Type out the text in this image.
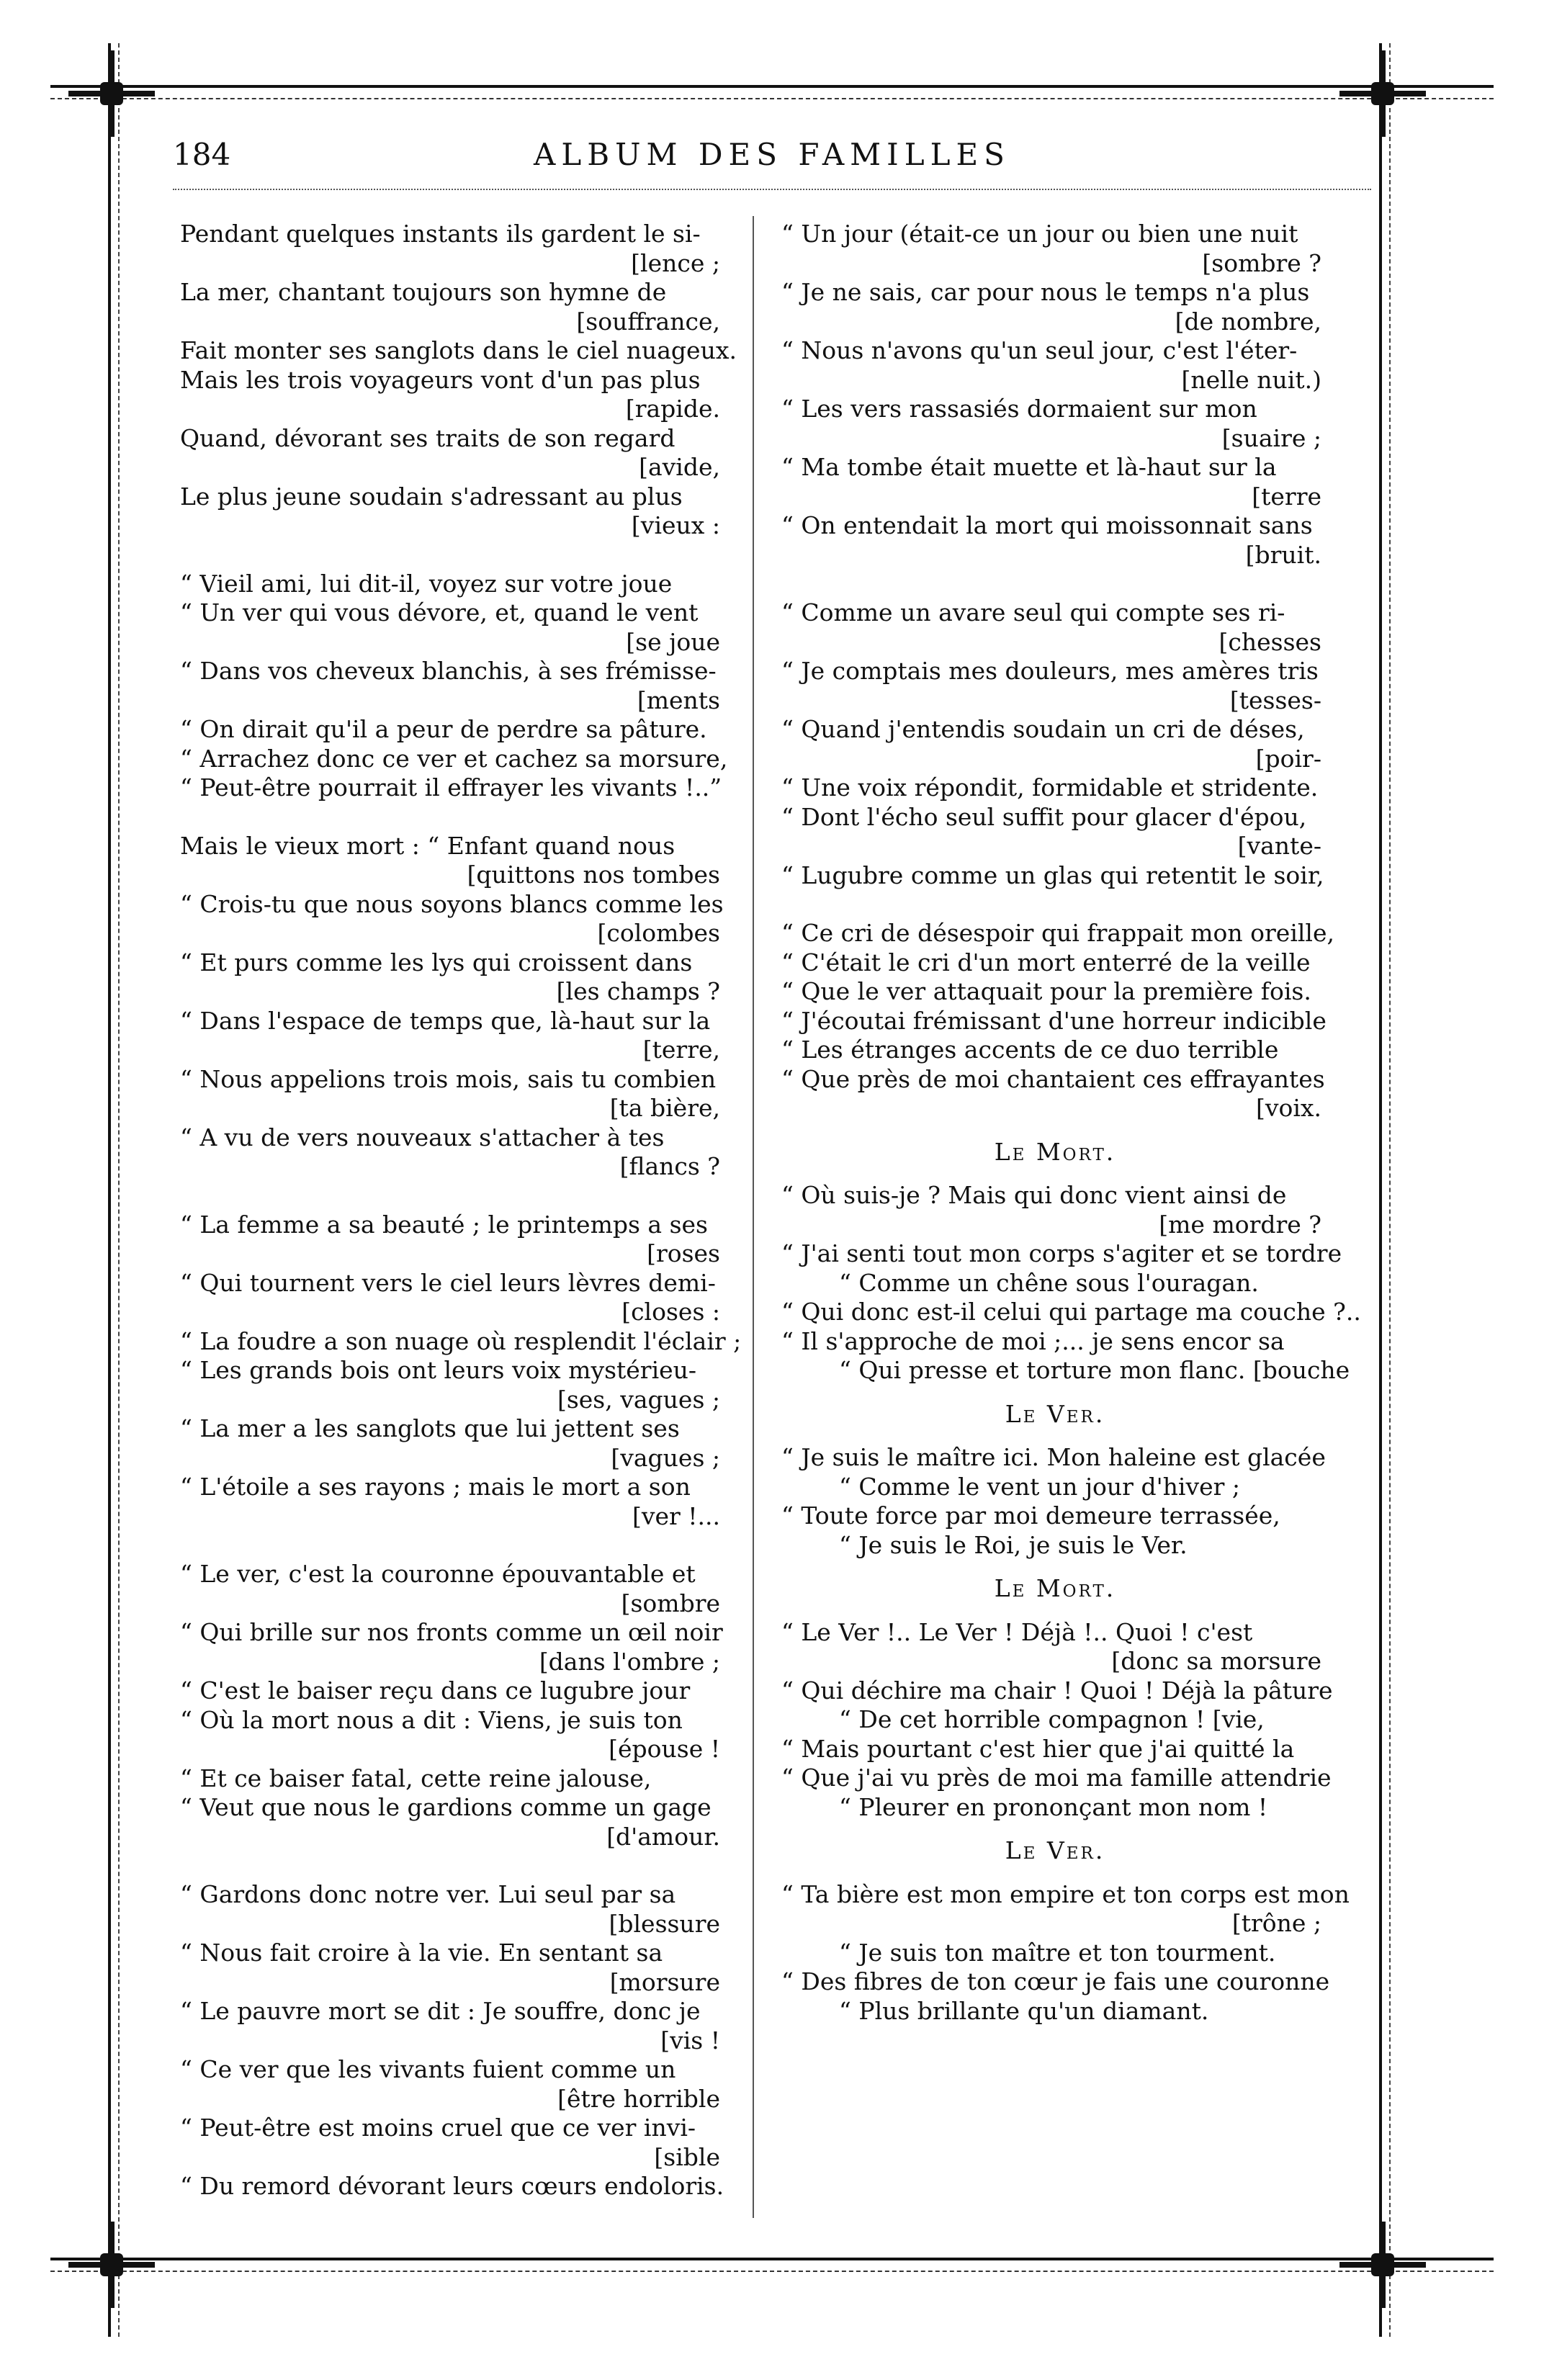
184	ALBUM DES FAMILLES
Pendant quelques instants ils gardent le si-
[lence ;
La mer, chantant toujours son hymne de
[souffrance,
Fait monter ses sanglots dans le ciel nuageux.
Mais les trois voyageurs vont d'un pas plus
[rapide.
Quand, dévorant ses traits de son regard
[avide,
Le plus jeune soudain s'adressant au plus
[vieux :
“ Vieil ami, lui dit-il, voyez sur votre joue
“ Un ver qui vous dévore, et, quand le vent
[se joue
“ Dans vos cheveux blanchis, à ses frémisse-
[ments
“ On dirait qu'il a peur de perdre sa pâture.
“ Arrachez donc ce ver et cachez sa morsure,
“ Peut-être pourrait il effrayer les vivants !..”
Mais le vieux mort : “ Enfant quand nous
[quittons nos tombes
“ Crois-tu que nous soyons blancs comme les
[colombes
“ Et purs comme les lys qui croissent dans
[les champs ?
“ Dans l'espace de temps que, là-haut sur la
[terre,
“ Nous appelions trois mois, sais tu combien
[ta bière,
“ A vu de vers nouveaux s'attacher à tes
[flancs ?
“ La femme a sa beauté ; le printemps a ses
[roses
“ Qui tournent vers le ciel leurs lèvres demi-
[closes :
“ La foudre a son nuage où resplendit l'éclair ;
“ Les grands bois ont leurs voix mystérieu-
[ses, vagues ;
“ La mer a les sanglots que lui jettent ses
[vagues ;
“ L'étoile a ses rayons ; mais le mort a son
[ver !...
“ Le ver, c'est la couronne épouvantable et
[sombre
“ Qui brille sur nos fronts comme un œil noir
[dans l'ombre ;
“ C'est le baiser reçu dans ce lugubre jour
“ Où la mort nous a dit : Viens, je suis ton
[épouse !
“ Et ce baiser fatal, cette reine jalouse,
“ Veut que nous le gardions comme un gage
[d'amour.
“ Gardons donc notre ver. Lui seul par sa
[blessure
“ Nous fait croire à la vie. En sentant sa
[morsure
“ Le pauvre mort se dit : Je souffre, donc je
[vis !
“ Ce ver que les vivants fuient comme un
[être horrible
“ Peut-être est moins cruel que ce ver invi-
[sible
“ Du remord dévorant leurs cœurs endoloris.
“ Un jour (était-ce un jour ou bien une nuit
[sombre ?
“ Je ne sais, car pour nous le temps n'a plus
[de nombre,
“ Nous n'avons qu'un seul jour, c'est l'éter-
[nelle nuit.)
“ Les vers rassasiés dormaient sur mon
[suaire ;
“ Ma tombe était muette et là-haut sur la
[terre
“ On entendait la mort qui moissonnait sans
[bruit.
“ Comme un avare seul qui compte ses ri-
[chesses
“ Je comptais mes douleurs, mes amères tris
[tesses-
“ Quand j'entendis soudain un cri de déses,
[poir-
“ Une voix répondit, formidable et stridente.
“ Dont l'écho seul suffit pour glacer d'épou,
[vante-
“ Lugubre comme un glas qui retentit le soir,
“ Ce cri de désespoir qui frappait mon oreille,
“ C'était le cri d'un mort enterré de la veille
“ Que le ver attaquait pour la première fois.
“ J'écoutai frémissant d'une horreur indicible
“ Les étranges accents de ce duo terrible
“ Que près de moi chantaient ces effrayantes
[voix.
Le Mort.
“ Où suis-je ? Mais qui donc vient ainsi de
[me mordre ?
“ J'ai senti tout mon corps s'agiter et se tordre
“ Comme un chêne sous l'ouragan.
“ Qui donc est-il celui qui partage ma couche ?..
“ Il s'approche de moi ;... je sens encor sa
“ Qui presse et torture mon flanc. [bouche
Le Ver.
“ Je suis le maître ici. Mon haleine est glacée
“ Comme le vent un jour d'hiver ;
“ Toute force par moi demeure terrassée,
“ Je suis le Roi, je suis le Ver.
Le Mort.
“ Le Ver !.. Le Ver ! Déjà !.. Quoi ! c'est
[donc sa morsure
“ Qui déchire ma chair ! Quoi ! Déjà la pâture
“ De cet horrible compagnon ! [vie,
“ Mais pourtant c'est hier que j'ai quitté la
“ Que j'ai vu près de moi ma famille attendrie
“ Pleurer en prononçant mon nom !
Le Ver.
“ Ta bière est mon empire et ton corps est mon
[trône ;
“ Je suis ton maître et ton tourment.
“ Des fibres de ton cœur je fais une couronne
“ Plus brillante qu'un diamant.
